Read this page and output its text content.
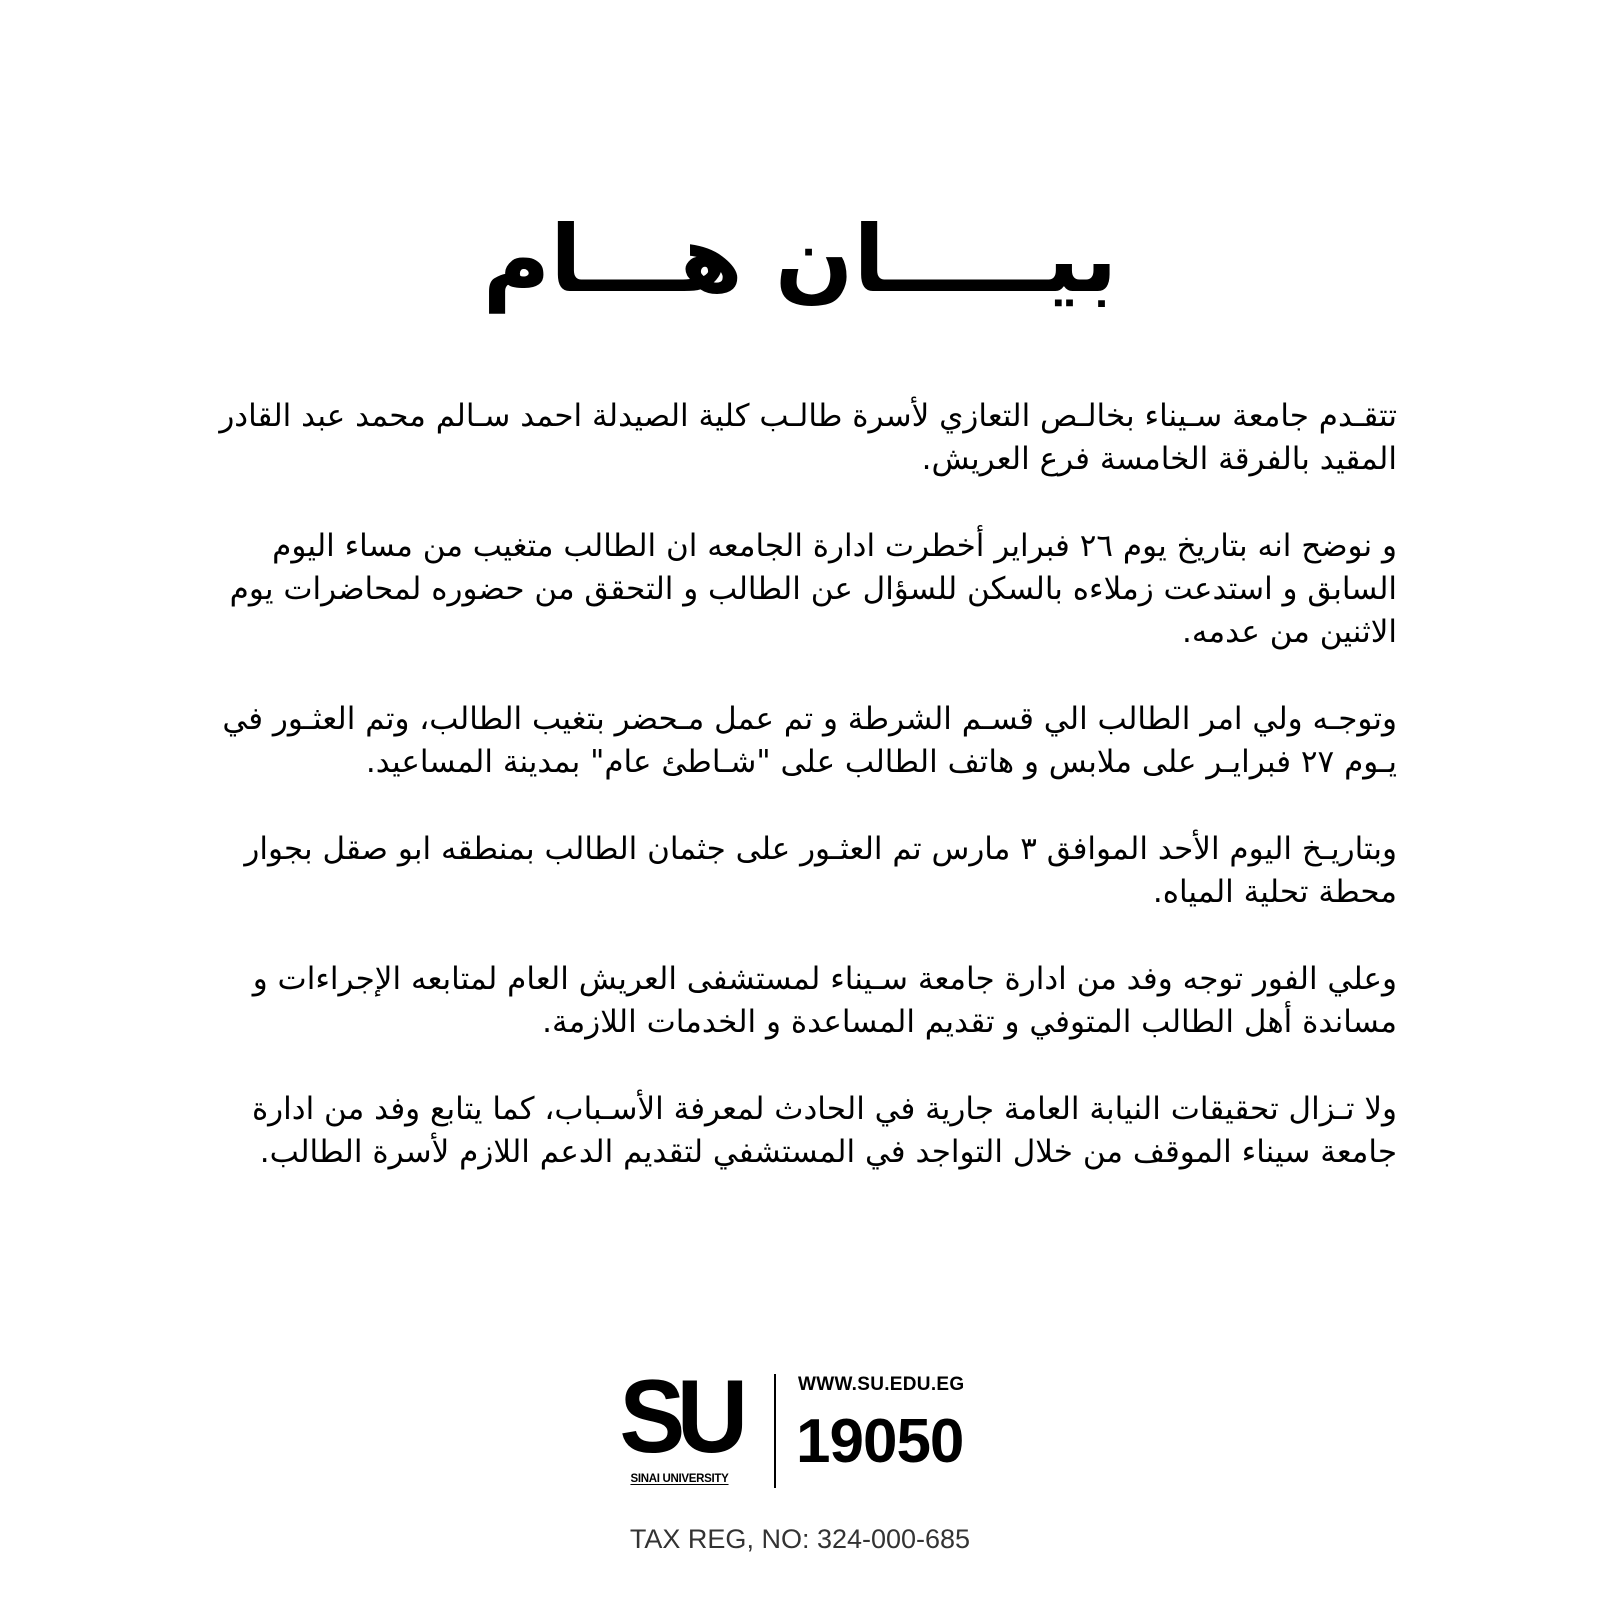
بيـــــان هـــام

تتقـدم جامعة سـيناء بخالـص التعازي لأسرة طالـب كلية الصيدلة احمد سـالم محمد عبد القادر المقيد بالفرقة الخامسة فرع العريش.

و نوضح انه بتاريخ يوم ٢٦ فبراير أخطرت ادارة الجامعه ان الطالب متغيب من مساء اليوم السابق و استدعت زملاءه بالسكن للسؤال عن الطالب و التحقق من حضوره لمحاضرات يوم الاثنين من عدمه.

وتوجـه ولي امر الطالب الي قسـم الشرطة و تم عمل مـحضر بتغيب الطالب، وتم العثـور في يـوم ٢٧ فبرايـر على ملابس و هاتف الطالب على "شـاطئ عام" بمدينة المساعيد.

وبتاريـخ اليوم الأحد الموافق ٣ مارس تم العثـور على جثمان الطالب بمنطقه ابو صقل بجوار محطة تحلية المياه.

وعلي الفور توجه وفد من ادارة جامعة سـيناء لمستشفى العريش العام لمتابعه الإجراءات و مساندة أهل الطالب المتوفي و تقديم المساعدة و الخدمات اللازمة.

ولا تـزال تحقيقات النيابة العامة جارية في الحادث لمعرفة الأسـباب، كما يتابع وفد من ادارة جامعة سيناء الموقف من خلال التواجد في المستشفي لتقديم الدعم اللازم لأسرة الطالب.

SU
SINAI UNIVERSITY
WWW.SU.EDU.EG
19050
TAX REG, NO: 324-000-685
